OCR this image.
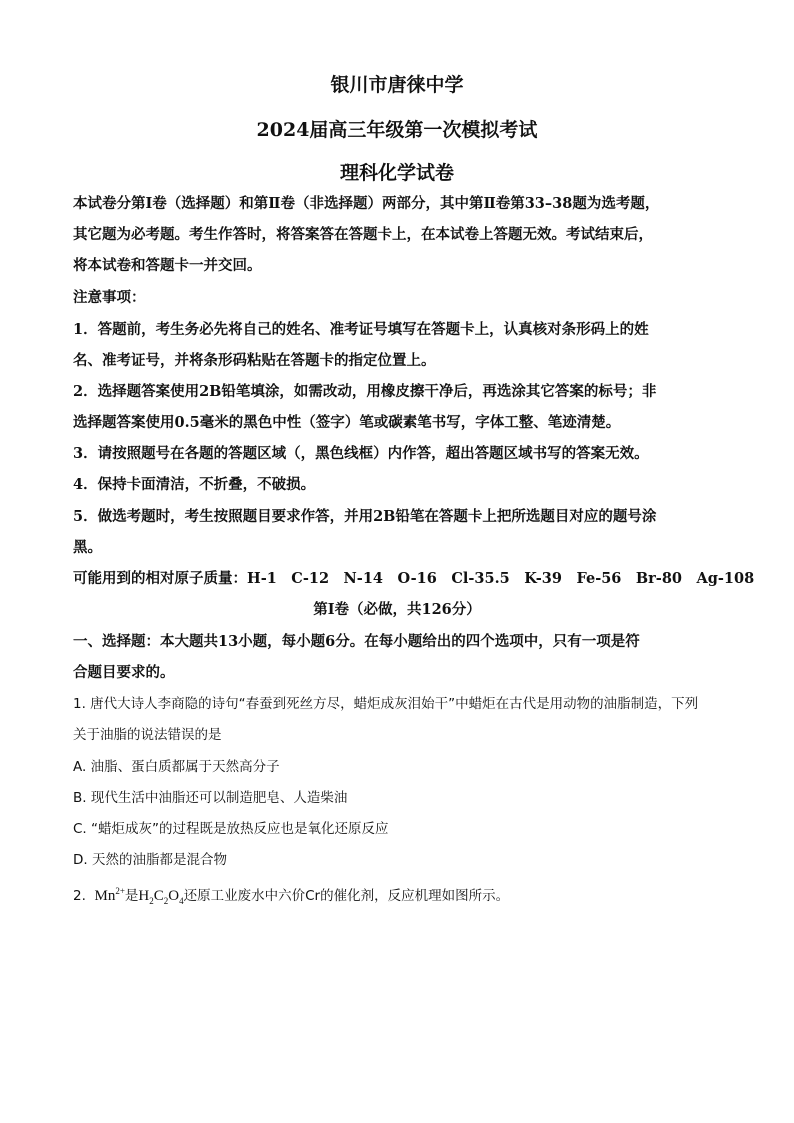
银川市唐徕中学
2024届高三年级第一次模拟考试
理科化学试卷
本试卷分第Ⅰ卷（选择题）和第Ⅱ卷（非选择题）两部分，其中第Ⅱ卷第33–38题为选考题，
其它题为必考题。考生作答时，将答案答在答题卡上，在本试卷上答题无效。考试结束后，
将本试卷和答题卡一并交回。
注意事项：
1．答题前，考生务必先将自己的姓名、准考证号填写在答题卡上，认真核对条形码上的姓
名、准考证号，并将条形码粘贴在答题卡的指定位置上。
2．选择题答案使用2B铅笔填涂，如需改动，用橡皮擦干净后，再选涂其它答案的标号；非
选择题答案使用0.5毫米的黑色中性（签字）笔或碳素笔书写，字体工整、笔迹清楚。
3．请按照题号在各题的答题区域（，黑色线框）内作答，超出答题区域书写的答案无效。
4．保持卡面清洁，不折叠，不破损。
5．做选考题时，考生按照题目要求作答，并用2B铅笔在答题卡上把所选题目对应的题号涂
黑。
可能用到的相对原子质量：H-1　C-12　N-14　O-16　Cl-35.5　K-39　Fe-56　Br-80　Ag-108
第Ⅰ卷（必做，共126分）
一、选择题：本大题共13小题，每小题6分。在每小题给出的四个选项中，只有一项是符
合题目要求的。
1. 唐代大诗人李商隐的诗句“春蚕到死丝方尽，蜡炬成灰泪始干”中蜡炬在古代是用动物的油脂制造，下列
关于油脂的说法错误的是
A. 油脂、蛋白质都属于天然高分子
B. 现代生活中油脂还可以制造肥皂、人造柴油
C. “蜡炬成灰”的过程既是放热反应也是氧化还原反应
D. 天然的油脂都是混合物
2. $Mn^{2+}$是$H_2C_2O_4$还原工业废水中六价Cr的催化剂，反应机理如图所示。
